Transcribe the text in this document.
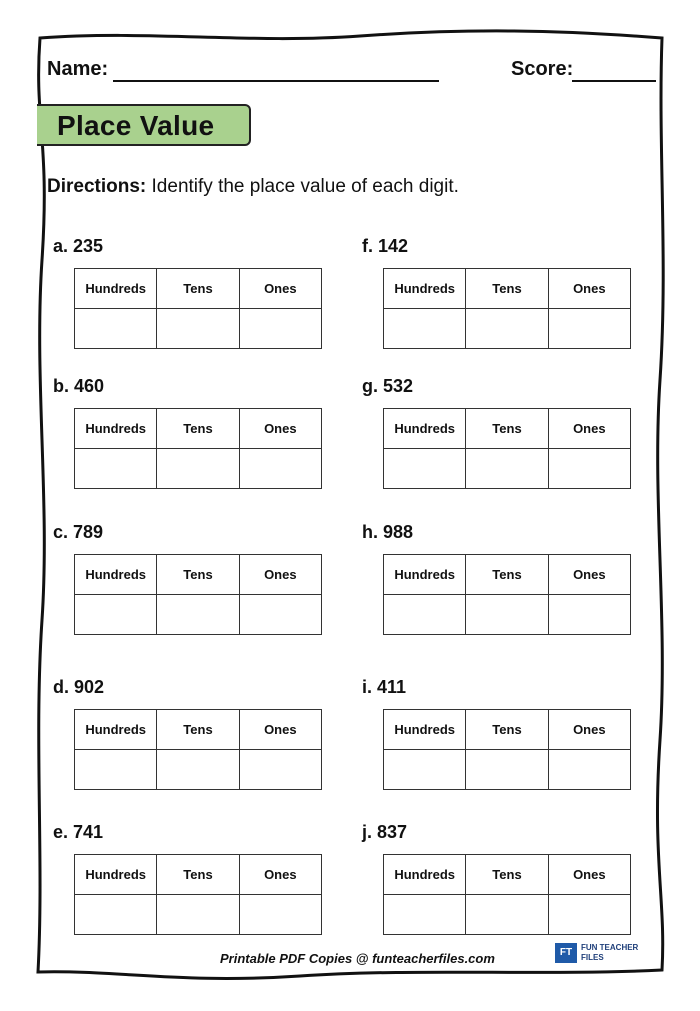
Name:	Score:
Place Value
Directions: Identify the place value of each digit.
a. 235
Hundreds	Tens	Ones

b. 460
Hundreds	Tens	Ones

c. 789
Hundreds	Tens	Ones

d. 902
Hundreds	Tens	Ones

e. 741
Hundreds	Tens	Ones

f. 142
Hundreds	Tens	Ones

g. 532
Hundreds	Tens	Ones

h. 988
Hundreds	Tens	Ones

i. 411
Hundreds	Tens	Ones

j. 837
Hundreds	Tens	Ones

Printable PDF Copies @ funteacherfiles.com	FT	FUN TEACHER
FILES
